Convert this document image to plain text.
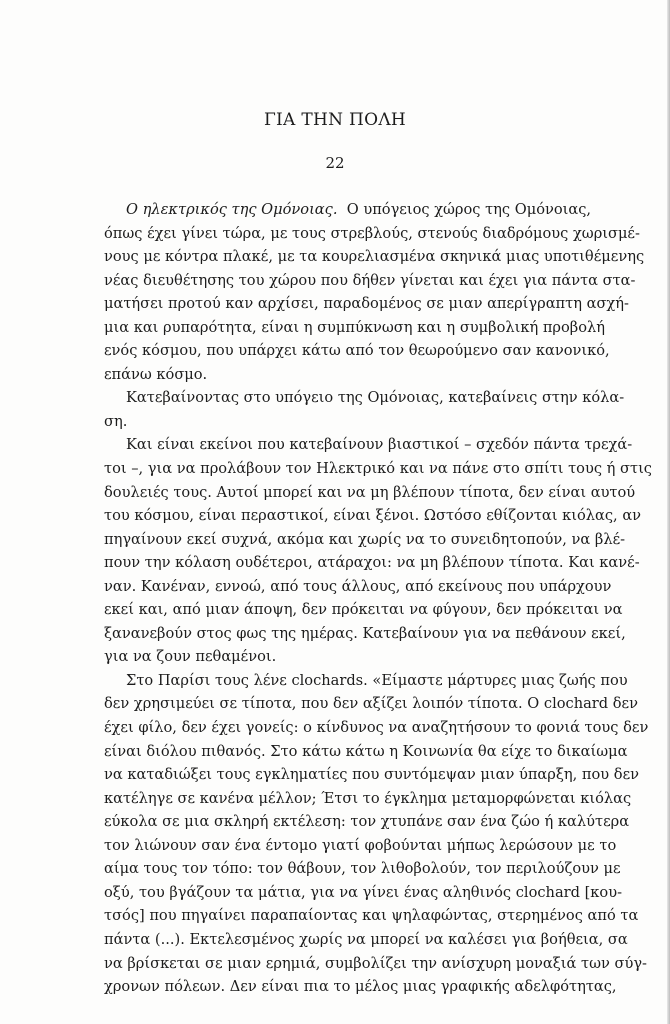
ΓΙΑ ΤΗΝ ΠΟΛΗ
22
Ο ηλεκτρικός της Ομόνοιας. Ο υπόγειος χώρος της Ομόνοιας,
όπως έχει γίνει τώρα, με τους στρεβλούς, στενούς διαδρόμους χωρισμέ-
νους με κόντρα πλακέ, με τα κουρελιασμένα σκηνικά μιας υποτιθέμενης
νέας διευθέτησης του χώρου που δήθεν γίνεται και έχει για πάντα στα-
ματήσει προτού καν αρχίσει, παραδομένος σε μιαν απερίγραπτη ασχή-
μια και ρυπαρότητα, είναι η συμπύκνωση και η συμβολική προβολή
ενός κόσμου, που υπάρχει κάτω από τον θεωρούμενο σαν κανονικό,
επάνω κόσμο.
Κατεβαίνοντας στο υπόγειο της Ομόνοιας, κατεβαίνεις στην κόλα-
ση.
Και είναι εκείνοι που κατεβαίνουν βιαστικοί – σχεδόν πάντα τρεχά-
τοι –, για να προλάβουν τον Ηλεκτρικό και να πάνε στο σπίτι τους ή στις
δουλειές τους. Αυτοί μπορεί και να μη βλέπουν τίποτα, δεν είναι αυτού
του κόσμου, είναι περαστικοί, είναι ξένοι. Ωστόσο εθίζονται κιόλας, αν
πηγαίνουν εκεί συχνά, ακόμα και χωρίς να το συνειδητοπούν, να βλέ-
πουν την κόλαση ουδέτεροι, ατάραχοι: να μη βλέπουν τίποτα. Και κανέ-
ναν. Κανέναν, εννοώ, από τους άλλους, από εκείνους που υπάρχουν
εκεί και, από μιαν άποψη, δεν πρόκειται να φύγουν, δεν πρόκειται να
ξανανεβούν στος φως της ημέρας. Κατεβαίνουν για να πεθάνουν εκεί,
για να ζουν πεθαμένοι.
Στο Παρίσι τους λένε clochards. «Είμαστε μάρτυρες μιας ζωής που
δεν χρησιμεύει σε τίποτα, που δεν αξίζει λοιπόν τίποτα. Ο clochard δεν
έχει φίλο, δεν έχει γονείς: ο κίνδυνος να αναζητήσουν το φονιά τους δεν
είναι διόλου πιθανός. Στο κάτω κάτω η Κοινωνία θα είχε το δικαίωμα
να καταδιώξει τους εγκληματίες που συντόμεψαν μιαν ύπαρξη, που δεν
κατέληγε σε κανένα μέλλον; Έτσι το έγκλημα μεταμορφώνεται κιόλας
εύκολα σε μια σκληρή εκτέλεση: τον χτυπάνε σαν ένα ζώο ή καλύτερα
τον λιώνουν σαν ένα έντομο γιατί φοβούνται μήπως λερώσουν με το
αίμα τους τον τόπο: τον θάβουν, τον λιθοβολούν, τον περιλούζουν με
οξύ, του βγάζουν τα μάτια, για να γίνει ένας αληθινός clochard [κου-
τσός] που πηγαίνει παραπαίοντας και ψηλαφώντας, στερημένος από τα
πάντα (...). Εκτελεσμένος χωρίς να μπορεί να καλέσει για βοήθεια, σα
να βρίσκεται σε μιαν ερημιά, συμβολίζει την ανίσχυρη μοναξιά των σύγ-
χρονων πόλεων. Δεν είναι πια το μέλος μιας γραφικής αδελφότητας,
